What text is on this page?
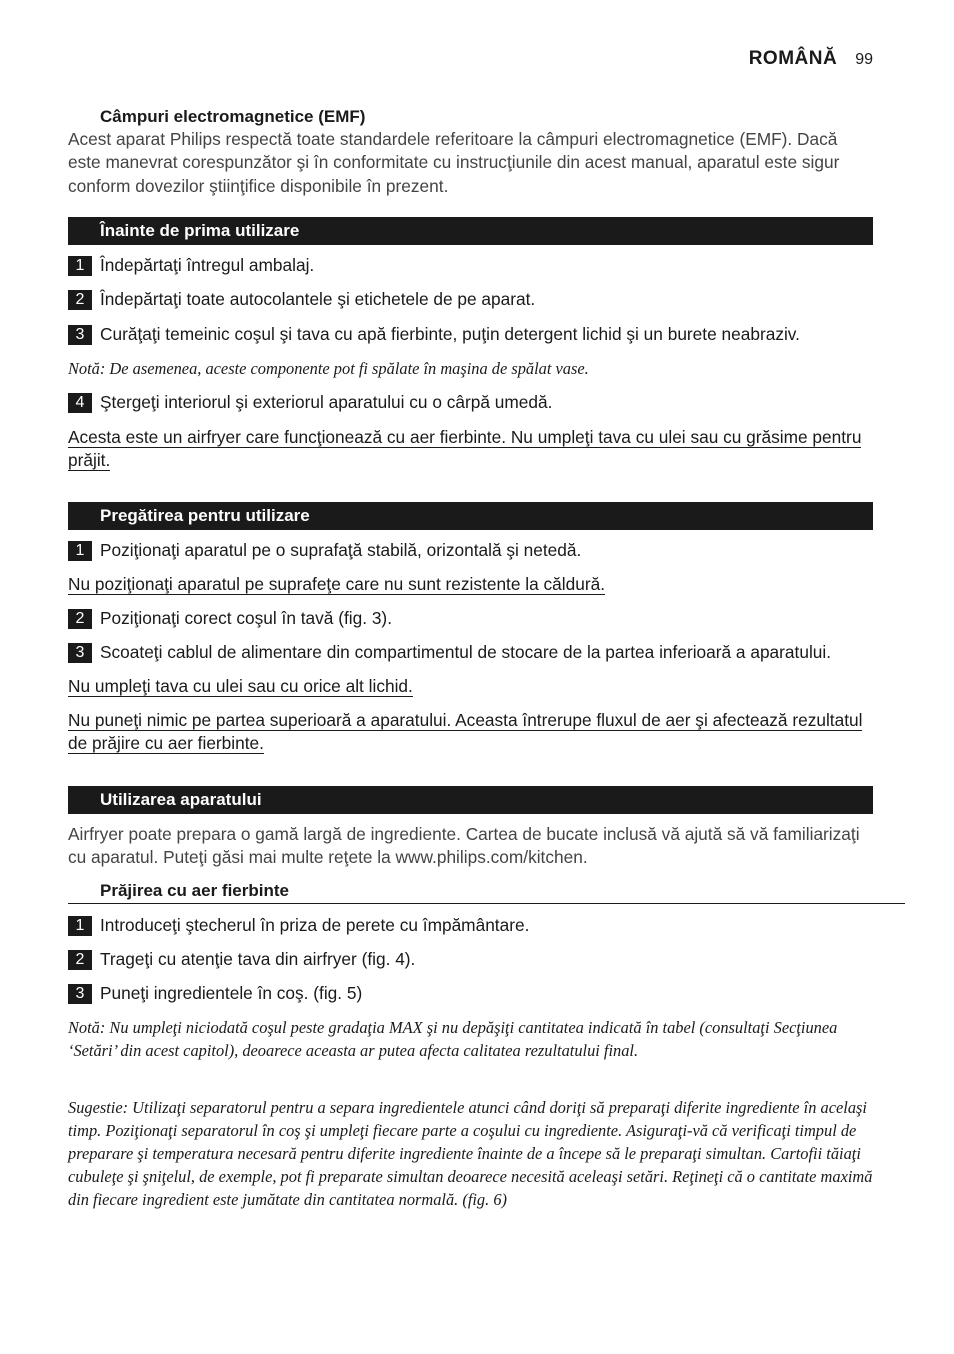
ROMÂNĂ 99
Câmpuri electromagnetice (EMF)
Acest aparat Philips respectă toate standardele referitoare la câmpuri electromagnetice (EMF). Dacă este manevrat corespunzător şi în conformitate cu instrucţiunile din acest manual, aparatul este sigur conform dovezilor ştiinţifice disponibile în prezent.
Înainte de prima utilizare
1 Îndepărtaţi întregul ambalaj.
2 Îndepărtaţi toate autocolantele şi etichetele de pe aparat.
3 Curăţaţi temeinic coşul şi tava cu apă fierbinte, puţin detergent lichid şi un burete neabraziv.
Notă: De asemenea, aceste componente pot fi spălate în maşina de spălat vase.
4 Ştergeţi interiorul şi exteriorul aparatului cu o cârpă umedă.
Acesta este un airfryer care funcţionează cu aer fierbinte. Nu umpleţi tava cu ulei sau cu grăsime pentru prăjit.
Pregătirea pentru utilizare
1 Poziţionaţi aparatul pe o suprafaţă stabilă, orizontală şi netedă.
Nu poziţionaţi aparatul pe suprafeţe care nu sunt rezistente la căldură.
2 Poziţionaţi corect coşul în tavă (fig. 3).
3 Scoateţi cablul de alimentare din compartimentul de stocare de la partea inferioară a aparatului.
Nu umpleţi tava cu ulei sau cu orice alt lichid.
Nu puneţi nimic pe partea superioară a aparatului. Aceasta întrerupe fluxul de aer şi afectează rezultatul de prăjire cu aer fierbinte.
Utilizarea aparatului
Airfryer poate prepara o gamă largă de ingrediente. Cartea de bucate inclusă vă ajută să vă familiarizaţi cu aparatul. Puteţi găsi mai multe reţete la www.philips.com/kitchen.
Prăjirea cu aer fierbinte
1 Introduceţi ştecherul în priza de perete cu împământare.
2 Trageţi cu atenţie tava din airfryer (fig. 4).
3 Puneţi ingredientele în coş. (fig. 5)
Notă: Nu umpleţi niciodată coşul peste gradaţia MAX şi nu depăşiţi cantitatea indicată în tabel (consultaţi Secţiunea ‘Setări’ din acest capitol), deoarece aceasta ar putea afecta calitatea rezultatului final.
Sugestie: Utilizaţi separatorul pentru a separa ingredientele atunci când doriţi să preparaţi diferite ingrediente în acelaşi timp. Poziţionaţi separatorul în coş şi umpleţi fiecare parte a coşului cu ingrediente. Asiguraţi-vă că verificaţi timpul de preparare şi temperatura necesară pentru diferite ingrediente înainte de a începe să le preparaţi simultan. Cartofii tăiaţi cubuleţe şi şniţelul, de exemple, pot fi preparate simultan deoarece necesită aceleaşi setări. Reţineţi că o cantitate maximă din fiecare ingredient este jumătate din cantitatea normală. (fig. 6)
